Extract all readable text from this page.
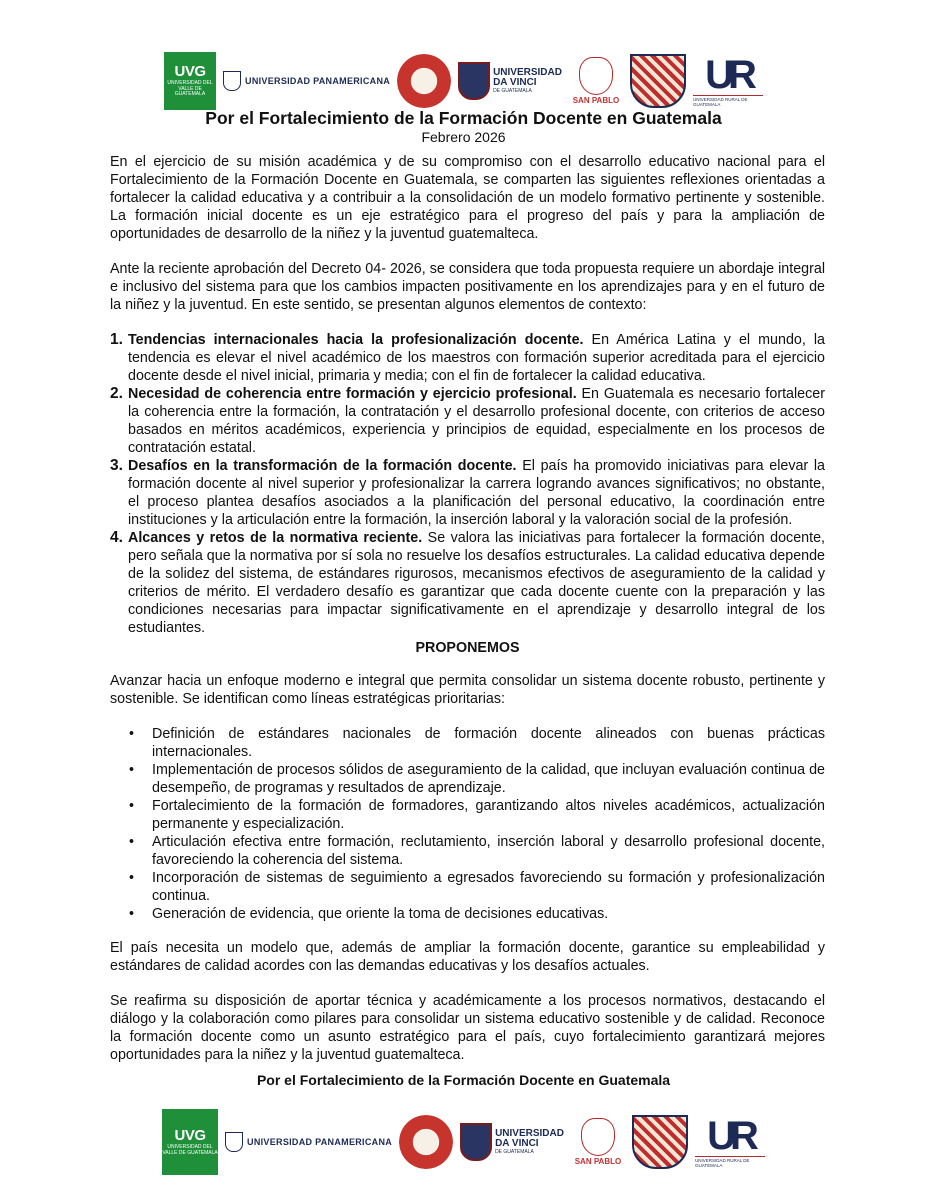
UVG
UNIVERSIDAD DEL VALLE DE GUATEMALA
UNIVERSIDAD PANAMERICANA
UNIVERSIDAD
DA VINCI
DE GUATEMALA
SAN PABLO
UR
UNIVERSIDAD RURAL DE GUATEMALA
Por el Fortalecimiento de la Formación Docente en Guatemala
Febrero 2026

En el ejercicio de su misión académica y de su compromiso con el desarrollo educativo nacional para el Fortalecimiento de la Formación Docente en Guatemala, se comparten las siguientes reflexiones orientadas a fortalecer la calidad educativa y a contribuir a la consolidación de un modelo formativo pertinente y sostenible. La formación inicial docente es un eje estratégico para el progreso del país y para la ampliación de oportunidades de desarrollo de la niñez y la juventud guatemalteca.

Ante la reciente aprobación del Decreto 04- 2026, se considera que toda propuesta requiere un abordaje integral e inclusivo del sistema para que los cambios impacten positivamente en los aprendizajes para y en el futuro de la niñez y la juventud. En este sentido, se presentan algunos elementos de contexto:

1. Tendencias internacionales hacia la profesionalización docente. En América Latina y el mundo, la tendencia es elevar el nivel académico de los maestros con formación superior acreditada para el ejercicio docente desde el nivel inicial, primaria y media; con el fin de fortalecer la calidad educativa.
2. Necesidad de coherencia entre formación y ejercicio profesional. En Guatemala es necesario fortalecer la coherencia entre la formación, la contratación y el desarrollo profesional docente, con criterios de acceso basados en méritos académicos, experiencia y principios de equidad, especialmente en los procesos de contratación estatal.
3. Desafíos en la transformación de la formación docente. El país ha promovido iniciativas para elevar la formación docente al nivel superior y profesionalizar la carrera logrando avances significativos; no obstante, el proceso plantea desafíos asociados a la planificación del personal educativo, la coordinación entre instituciones y la articulación entre la formación, la inserción laboral y la valoración social de la profesión.
4. Alcances y retos de la normativa reciente. Se valora las iniciativas para fortalecer la formación docente, pero señala que la normativa por sí sola no resuelve los desafíos estructurales. La calidad educativa depende de la solidez del sistema, de estándares rigurosos, mecanismos efectivos de aseguramiento de la calidad y criterios de mérito. El verdadero desafío es garantizar que cada docente cuente con la preparación y las condiciones necesarias para impactar significativamente en el aprendizaje y desarrollo integral de los estudiantes.
PROPONEMOS

Avanzar hacia un enfoque moderno e integral que permita consolidar un sistema docente robusto, pertinente y sostenible. Se identifican como líneas estratégicas prioritarias:

• Definición de estándares nacionales de formación docente alineados con buenas prácticas internacionales.
• Implementación de procesos sólidos de aseguramiento de la calidad, que incluyan evaluación continua de desempeño, de programas y resultados de aprendizaje.
• Fortalecimiento de la formación de formadores, garantizando altos niveles académicos, actualización permanente y especialización.
• Articulación efectiva entre formación, reclutamiento, inserción laboral y desarrollo profesional docente, favoreciendo la coherencia del sistema.
• Incorporación de sistemas de seguimiento a egresados favoreciendo su formación y profesionalización continua.
• Generación de evidencia, que oriente la toma de decisiones educativas.

El país necesita un modelo que, además de ampliar la formación docente, garantice su empleabilidad y estándares de calidad acordes con las demandas educativas y los desafíos actuales.

Se reafirma su disposición de aportar técnica y académicamente a los procesos normativos, destacando el diálogo y la colaboración como pilares para consolidar un sistema educativo sostenible y de calidad. Reconoce la formación docente como un asunto estratégico para el país, cuyo fortalecimiento garantizará mejores oportunidades para la niñez y la juventud guatemalteca.

Por el Fortalecimiento de la Formación Docente en Guatemala
UVG
UNIVERSIDAD DEL VALLE DE GUATEMALA
UNIVERSIDAD PANAMERICANA
UNIVERSIDAD
DA VINCI
DE GUATEMALA
SAN PABLO
UR
UNIVERSIDAD RURAL DE GUATEMALA
